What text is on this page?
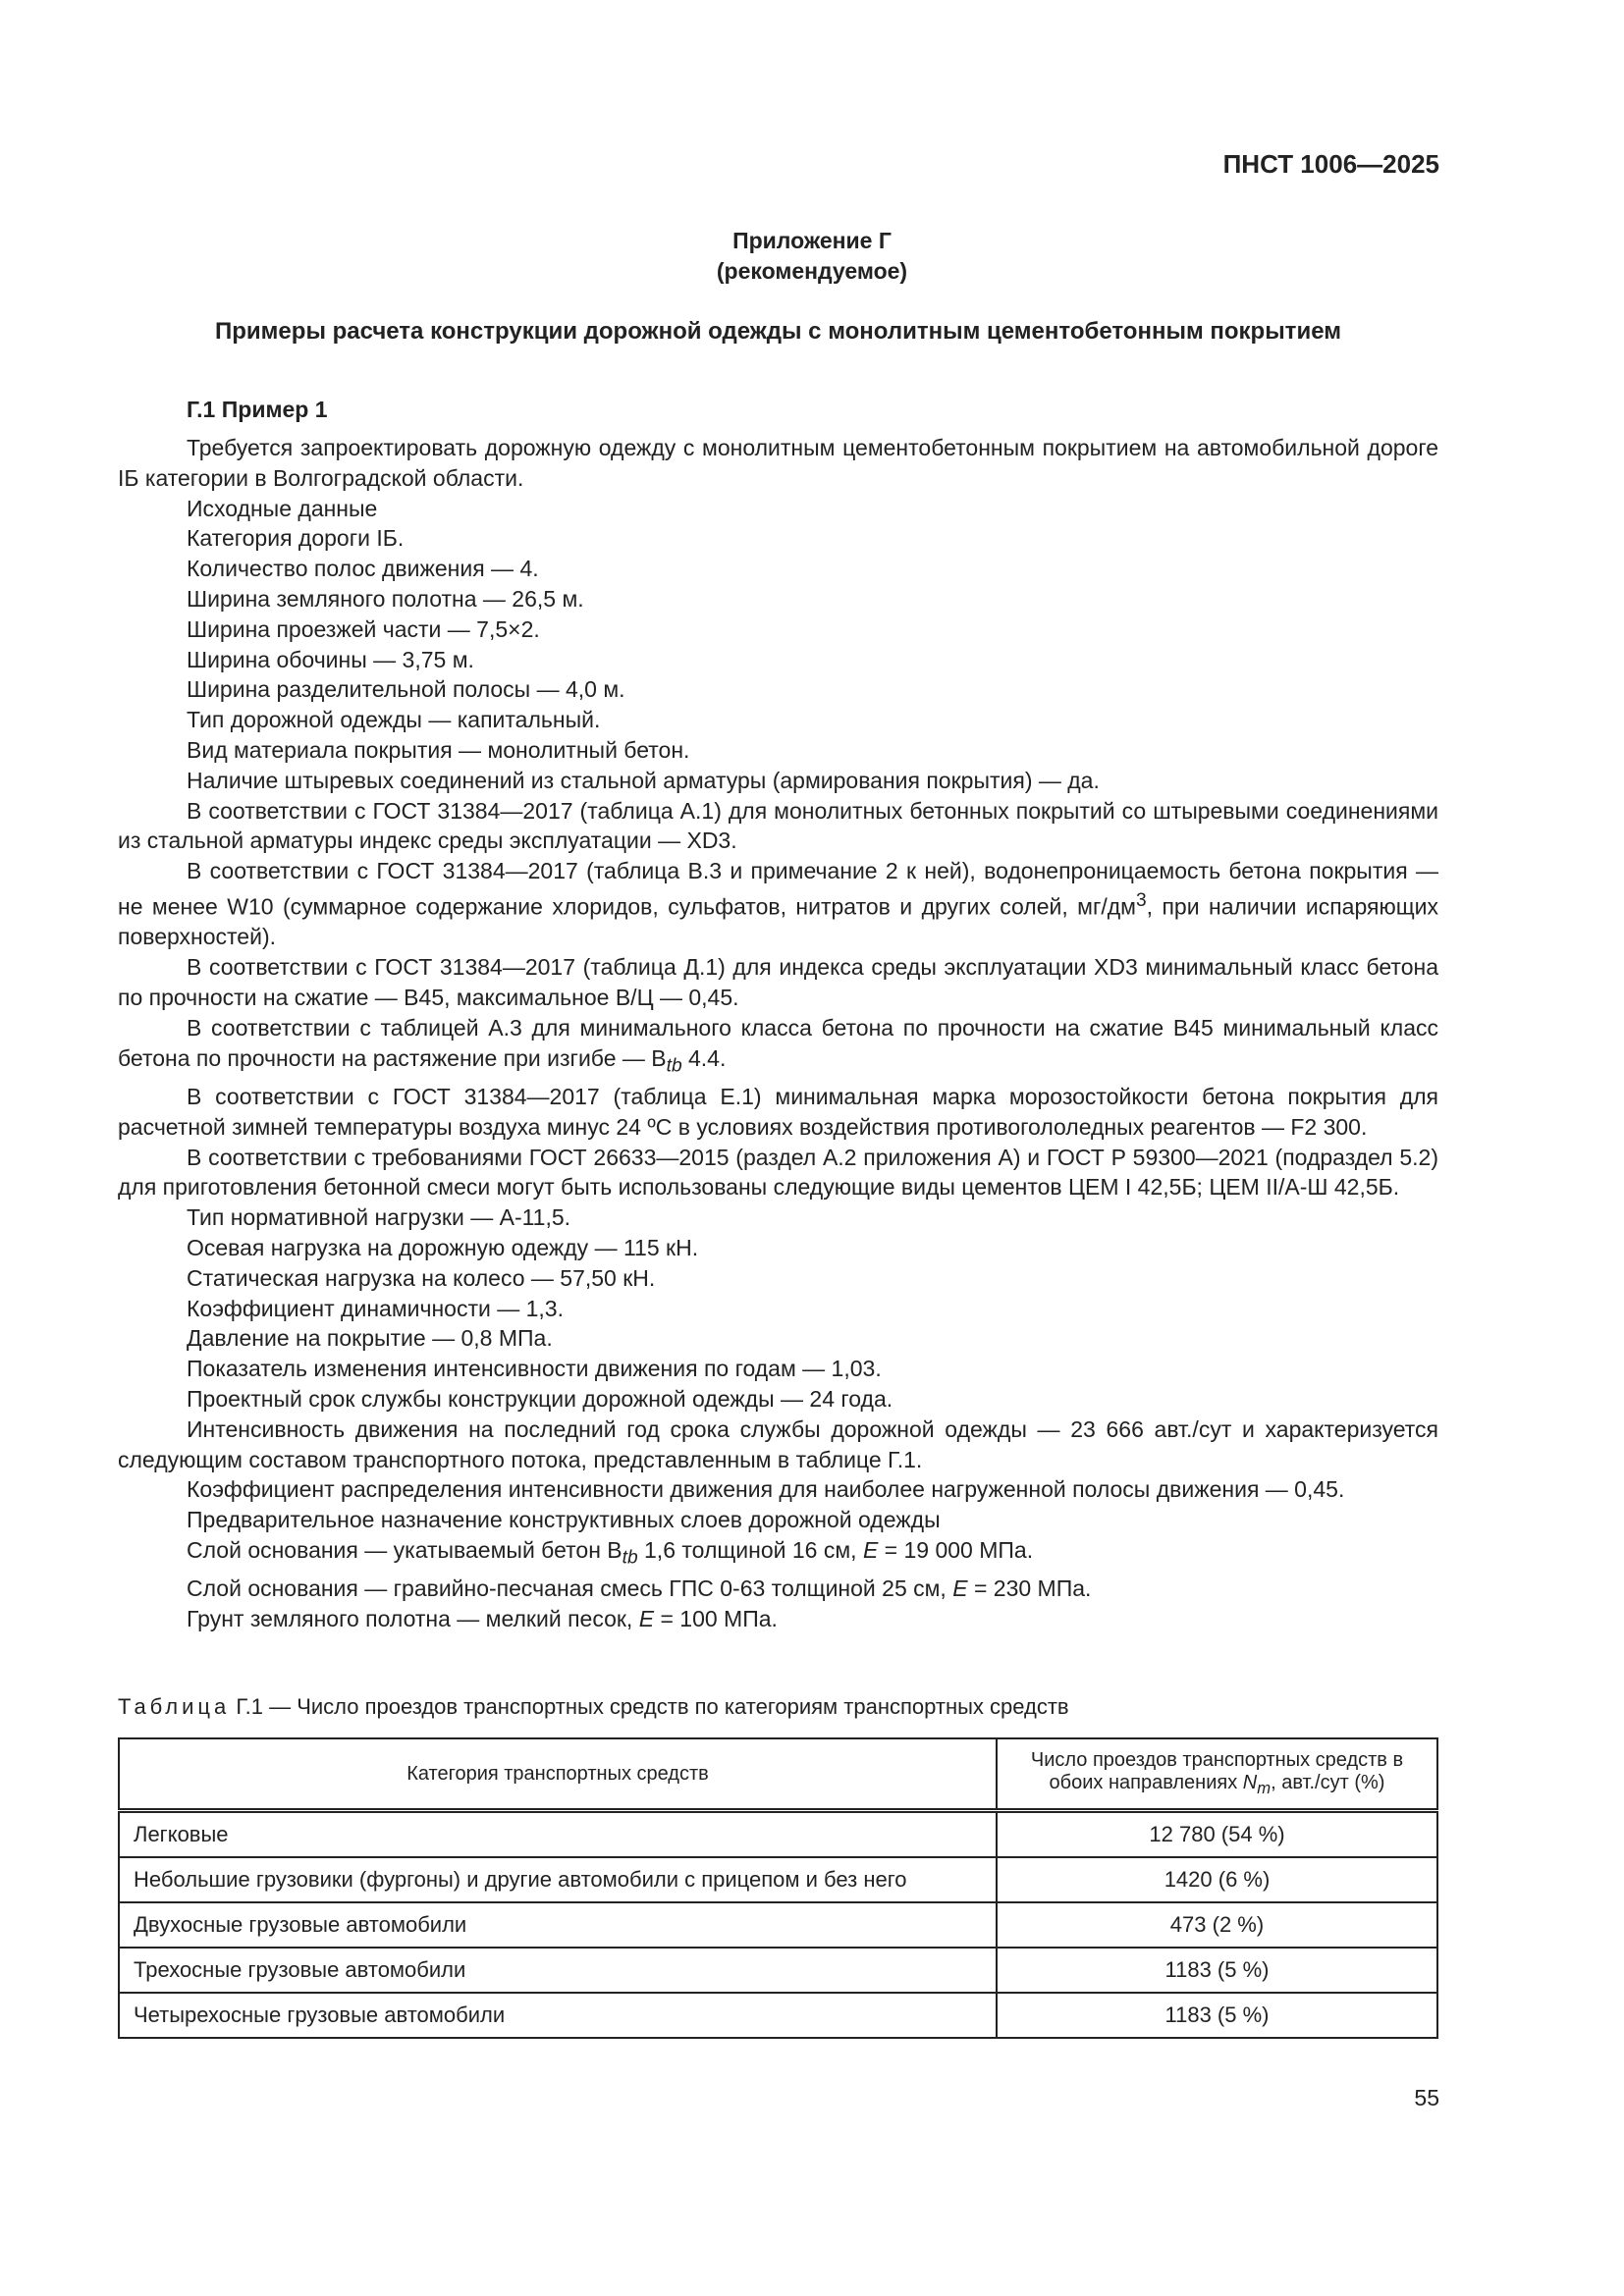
ПНСТ 1006—2025
Приложение Г
(рекомендуемое)
Примеры расчета конструкции дорожной одежды с монолитным цементобетонным покрытием
Г.1 Пример 1

Требуется запроектировать дорожную одежду с монолитным цементобетонным покрытием на автомобильной дороге IБ категории в Волгоградской области.

Исходные данные

Категория дороги IБ.

Количество полос движения — 4.

Ширина земляного полотна — 26,5 м.

Ширина проезжей части — 7,5×2.

Ширина обочины — 3,75 м.

Ширина разделительной полосы — 4,0 м.

Тип дорожной одежды — капитальный.

Вид материала покрытия — монолитный бетон.

Наличие штыревых соединений из стальной арматуры (армирования покрытия) — да.

В соответствии с ГОСТ 31384—2017 (таблица А.1) для монолитных бетонных покрытий со штыревыми соединениями из стальной арматуры индекс среды эксплуатации — XD3.

В соответствии с ГОСТ 31384—2017 (таблица В.3 и примечание 2 к ней), водонепроницаемость бетона покрытия — не менее W10 (суммарное содержание хлоридов, сульфатов, нитратов и других солей, $мг/дм^3$, при наличии испаряющих поверхностей).

В соответствии с ГОСТ 31384—2017 (таблица Д.1) для индекса среды эксплуатации XD3 минимальный класс бетона по прочности на сжатие — В45, максимальное В/Ц — 0,45.

В соответствии с таблицей А.3 для минимального класса бетона по прочности на сжатие В45 минимальный класс бетона по прочности на растяжение при изгибе — $B_{tb}$ 4.4.

В соответствии с ГОСТ 31384—2017 (таблица Е.1) минимальная марка морозостойкости бетона покрытия для расчетной зимней температуры воздуха минус 24 ºС в условиях воздействия противогололедных реагентов — F2 300.

В соответствии с требованиями ГОСТ 26633—2015 (раздел А.2 приложения А) и ГОСТ Р 59300—2021 (подраздел 5.2) для приготовления бетонной смеси могут быть использованы следующие виды цементов ЦЕМ I 42,5Б; ЦЕМ II/А-Ш 42,5Б.

Тип нормативной нагрузки — А-11,5.

Осевая нагрузка на дорожную одежду — 115 кН.

Статическая нагрузка на колесо — 57,50 кН.

Коэффициент динамичности — 1,3.

Давление на покрытие — 0,8 МПа.

Показатель изменения интенсивности движения по годам — 1,03.

Проектный срок службы конструкции дорожной одежды — 24 года.

Интенсивность движения на последний год срока службы дорожной одежды — 23 666 авт./сут и характеризуется следующим составом транспортного потока, представленным в таблице Г.1.

Коэффициент распределения интенсивности движения для наиболее нагруженной полосы движения — 0,45.

Предварительное назначение конструктивных слоев дорожной одежды

Слой основания — укатываемый бетон $B_{tb}$ 1,6 толщиной 16 см, E = 19 000 МПа.

Слой основания — гравийно-песчаная смесь ГПС 0-63 толщиной 25 см, E = 230 МПа.

Грунт земляного полотна — мелкий песок, E = 100 МПа.

Таблица Г.1 — Число проездов транспортных средств по категориям транспортных средств
Категория транспортных средств	Число проездов транспортных средств в обоих направлениях $N_m$, авт./сут (%)
Легковые	12 780 (54 %)
Небольшие грузовики (фургоны) и другие автомобили с прицепом и без него	1420 (6 %)
Двухосные грузовые автомобили	473 (2 %)
Трехосные грузовые автомобили	1183 (5 %)
Четырехосные грузовые автомобили	1183 (5 %)
55
